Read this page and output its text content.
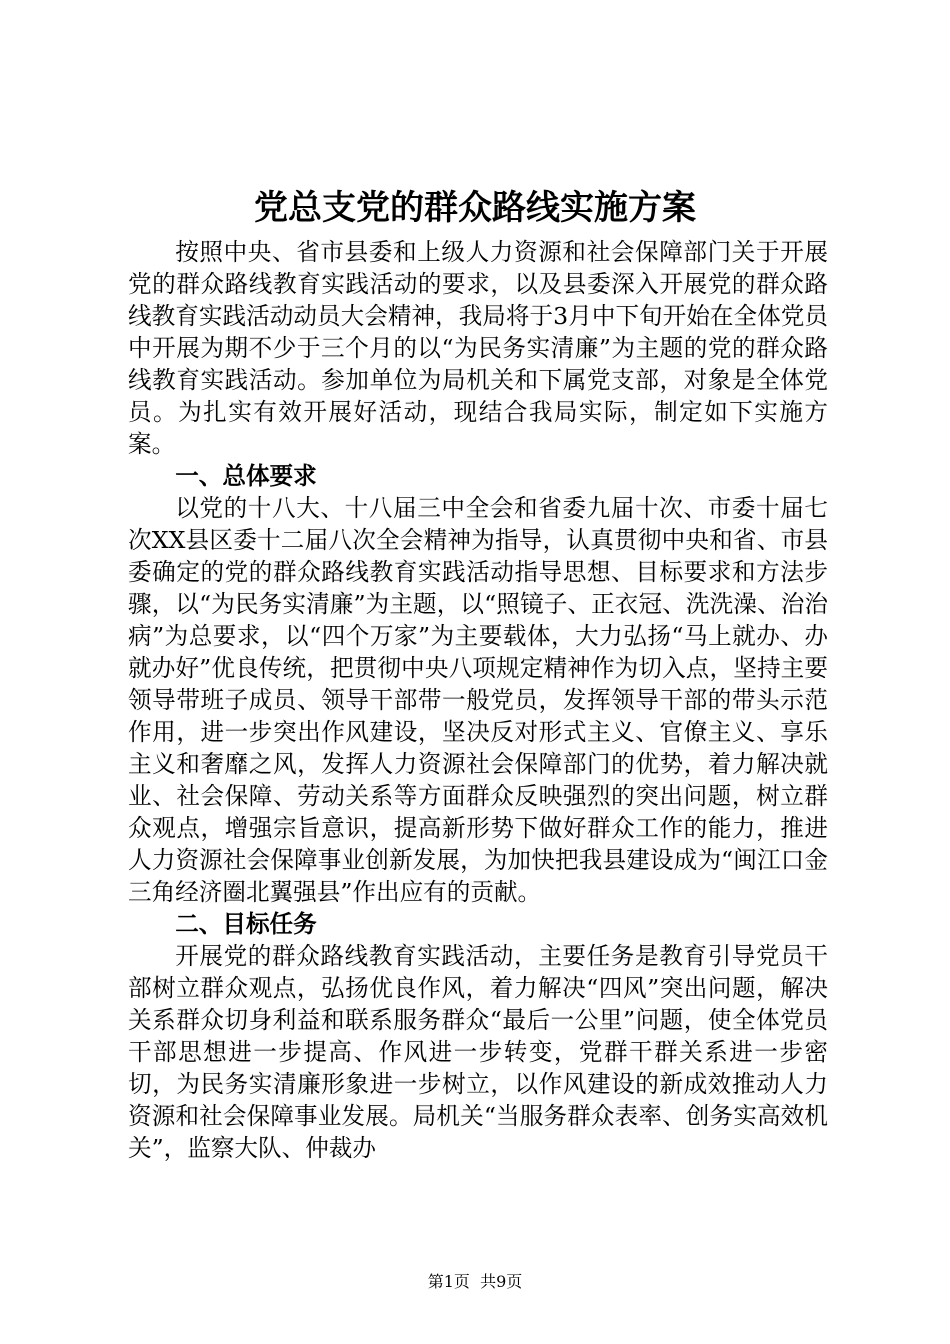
党总支党的群众路线实施方案

按照中央、省市县委和上级人力资源和社会保障部门关于开展党的群众路线教育实践活动的要求，以及县委深入开展党的群众路线教育实践活动动员大会精神，我局将于3月中下旬开始在全体党员中开展为期不少于三个月的以“为民务实清廉”为主题的党的群众路线教育实践活动。参加单位为局机关和下属党支部，对象是全体党员。为扎实有效开展好活动，现结合我局实际，制定如下实施方案。

一、总体要求

以党的十八大、十八届三中全会和省委九届十次、市委十届七次XX县区委十二届八次全会精神为指导，认真贯彻中央和省、市县委确定的党的群众路线教育实践活动指导思想、目标要求和方法步骤，以“为民务实清廉”为主题，以“照镜子、正衣冠、洗洗澡、治治病”为总要求，以“四个万家”为主要载体，大力弘扬“马上就办、办就办好”优良传统，把贯彻中央八项规定精神作为切入点，坚持主要领导带班子成员、领导干部带一般党员，发挥领导干部的带头示范作用，进一步突出作风建设，坚决反对形式主义、官僚主义、享乐主义和奢靡之风，发挥人力资源社会保障部门的优势，着力解决就业、社会保障、劳动关系等方面群众反映强烈的突出问题，树立群众观点，增强宗旨意识，提高新形势下做好群众工作的能力，推进人力资源社会保障事业创新发展，为加快把我县建设成为“闽江口金三角经济圈北翼强县”作出应有的贡献。

二、目标任务

开展党的群众路线教育实践活动，主要任务是教育引导党员干部树立群众观点，弘扬优良作风，着力解决“四风”突出问题，解决关系群众切身利益和联系服务群众“最后一公里”问题，使全体党员干部思想进一步提高、作风进一步转变，党群干群关系进一步密切，为民务实清廉形象进一步树立，以作风建设的新成效推动人力资源和社会保障事业发展。局机关“当服务群众表率、创务实高效机关”，监察大队、仲裁办

第1页  共9页
